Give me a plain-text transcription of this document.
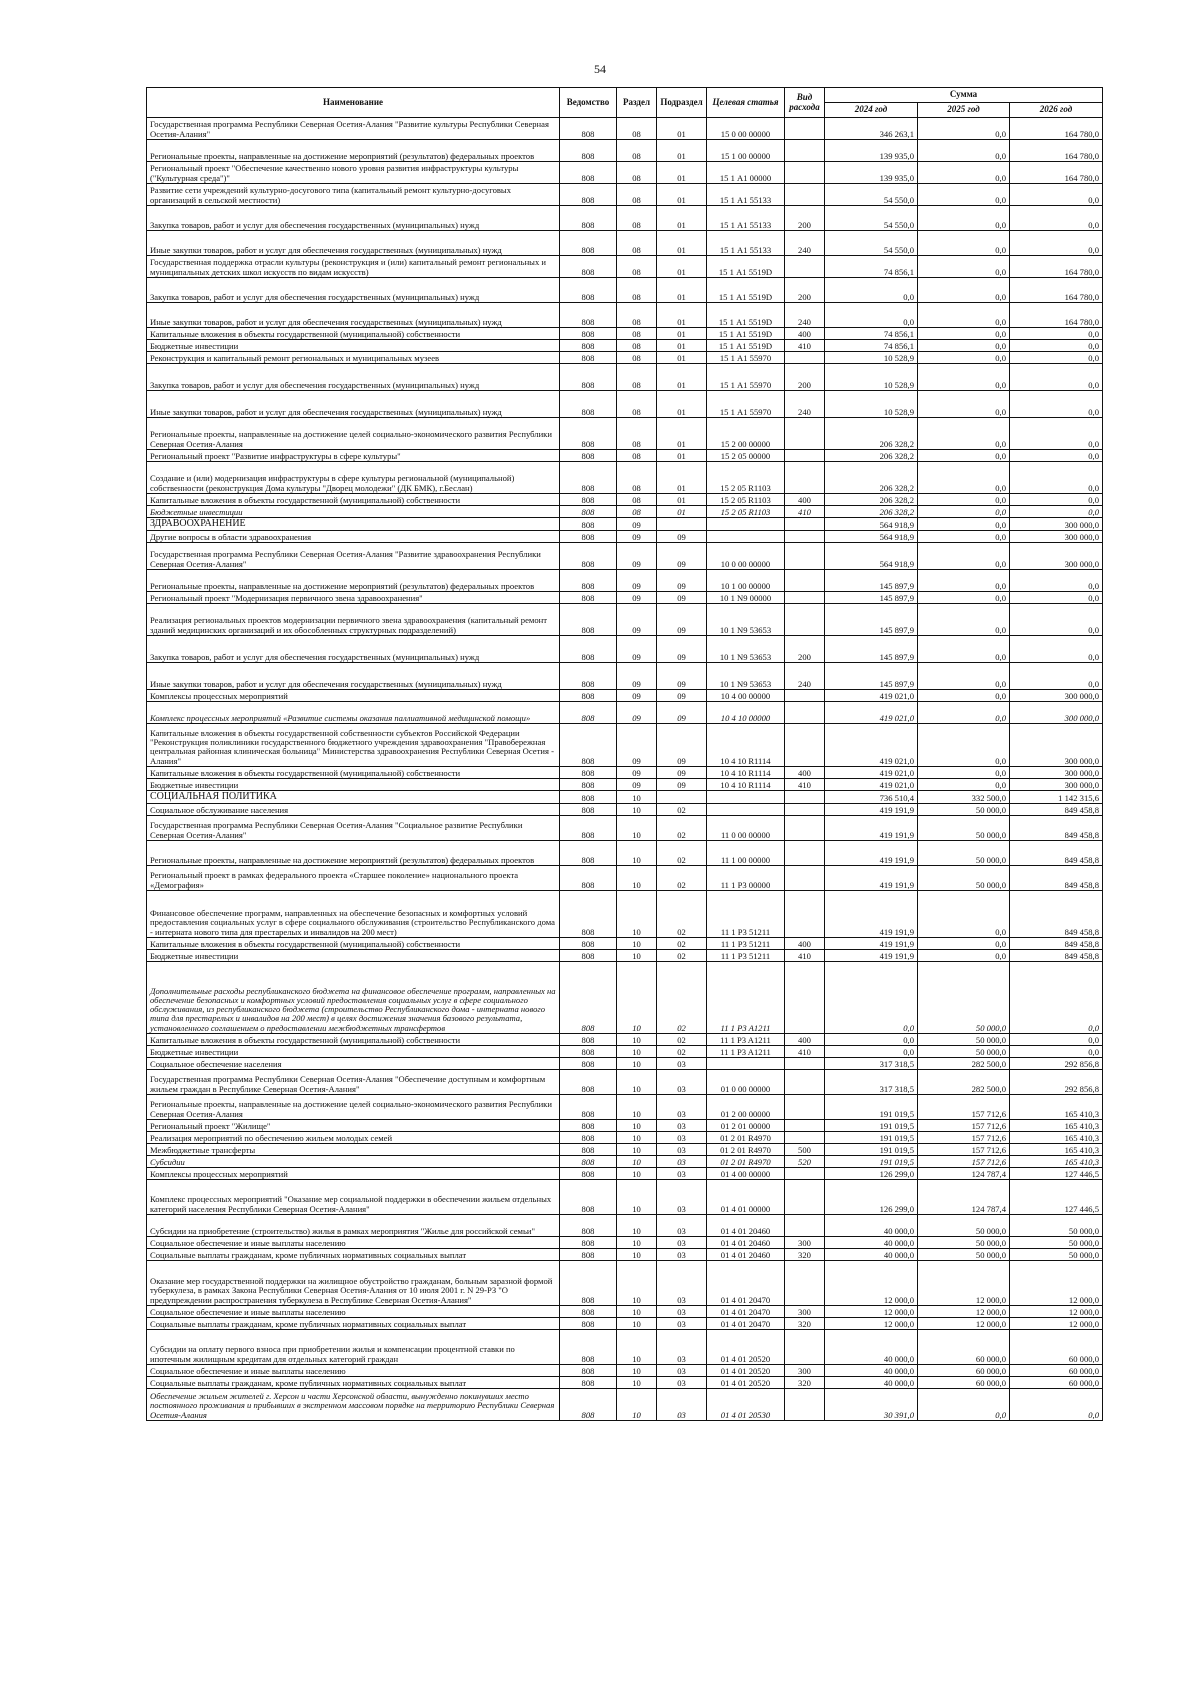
54
Наименование	Ведомство	Раздел	Подраздел	Целевая статья	Вид расхода	Сумма		
						2024 год	2025 год	2026 год
Государственная программа Республики Северная Осетия-Алания "Развитие культуры Республики Северная Осетия-Алания"	808	08	01	15 0 00 00000		346 263,1	0,0	164 780,0
Региональные проекты, направленные на достижение мероприятий (результатов) федеральных проектов	808	08	01	15 1 00 00000		139 935,0	0,0	164 780,0
Региональный проект "Обеспечение качественно нового уровня развития инфраструктуры культуры ("Культурная среда")"	808	08	01	15 1 А1 00000		139 935,0	0,0	164 780,0
Развитие сети учреждений культурно-досугового типа (капитальный ремонт культурно-досуговых организаций в сельской местности)	808	08	01	15 1 А1 55133		54 550,0	0,0	0,0
Закупка товаров, работ и услуг для обеспечения государственных (муниципальных) нужд	808	08	01	15 1 А1 55133	200	54 550,0	0,0	0,0
Иные закупки товаров, работ и услуг для обеспечения государственных (муниципальных) нужд	808	08	01	15 1 А1 55133	240	54 550,0	0,0	0,0
Государственная поддержка отрасли культуры (реконструкция и (или) капитальный ремонт региональных и муниципальных детских школ искусств по видам искусств)	808	08	01	15 1 А1 5519D		74 856,1	0,0	164 780,0
Закупка товаров, работ и услуг для обеспечения государственных (муниципальных) нужд	808	08	01	15 1 А1 5519D	200	0,0	0,0	164 780,0
Иные закупки товаров, работ и услуг для обеспечения государственных (муниципальных) нужд	808	08	01	15 1 А1 5519D	240	0,0	0,0	164 780,0
Капитальные вложения в объекты государственной (муниципальной) собственности	808	08	01	15 1 А1 5519D	400	74 856,1	0,0	0,0
Бюджетные инвестиции	808	08	01	15 1 А1 5519D	410	74 856,1	0,0	0,0
Реконструкция и капитальный ремонт региональных и муниципальных музеев	808	08	01	15 1 А1 55970		10 528,9	0,0	0,0
Закупка товаров, работ и услуг для обеспечения государственных (муниципальных) нужд	808	08	01	15 1 А1 55970	200	10 528,9	0,0	0,0
Иные закупки товаров, работ и услуг для обеспечения государственных (муниципальных) нужд	808	08	01	15 1 А1 55970	240	10 528,9	0,0	0,0
Региональные проекты, направленные на достижение целей социально-экономического развития Республики Северная Осетия-Алания	808	08	01	15 2 00 00000		206 328,2	0,0	0,0
Региональный проект "Развитие инфраструктуры в сфере культуры"	808	08	01	15 2 05 00000		206 328,2	0,0	0,0
Создание и (или) модернизация инфраструктуры в сфере культуры региональной (муниципальной) собственности (реконструкция Дома культуры "Дворец молодежи" (ДК БМК), г.Беслан)	808	08	01	15 2 05 R1103		206 328,2	0,0	0,0
Капитальные вложения в объекты государственной (муниципальной) собственности	808	08	01	15 2 05 R1103	400	206 328,2	0,0	0,0
Бюджетные инвестиции	808	08	01	15 2 05 R1103	410	206 328,2	0,0	0,0
ЗДРАВООХРАНЕНИЕ	808	09				564 918,9	0,0	300 000,0
Другие вопросы в области здравоохранения	808	09	09			564 918,9	0,0	300 000,0
Государственная программа Республики Северная Осетия-Алания "Развитие здравоохранения Республики Северная Осетия-Алания"	808	09	09	10 0 00 00000		564 918,9	0,0	300 000,0
Региональные проекты, направленные на достижение мероприятий (результатов) федеральных проектов	808	09	09	10 1 00 00000		145 897,9	0,0	0,0
Региональный проект "Модернизация первичного звена здравоохранения"	808	09	09	10 1 N9 00000		145 897,9	0,0	0,0
Реализация региональных проектов модернизации первичного звена здравоохранения (капитальный ремонт зданий медицинских организаций и их обособленных структурных подразделений)	808	09	09	10 1 N9 53653		145 897,9	0,0	0,0
Закупка товаров, работ и услуг для обеспечения государственных (муниципальных) нужд	808	09	09	10 1 N9 53653	200	145 897,9	0,0	0,0
Иные закупки товаров, работ и услуг для обеспечения государственных (муниципальных) нужд	808	09	09	10 1 N9 53653	240	145 897,9	0,0	0,0
Комплексы процессных мероприятий	808	09	09	10 4 00 00000		419 021,0	0,0	300 000,0
Комплекс процессных мероприятий «Развитие системы оказания паллиативной медицинской помощи»	808	09	09	10 4 10 00000		419 021,0	0,0	300 000,0
Капитальные вложения в объекты государственной собственности субъектов Российской Федерации "Реконструкция поликлиники государственного бюджетного учреждения здравоохранения "Правобережная центральная районная клиническая больница" Министерства здравоохранения Республики Северная Осетия - Алания"	808	09	09	10 4 10 R1114		419 021,0	0,0	300 000,0
Капитальные вложения в объекты государственной (муниципальной) собственности	808	09	09	10 4 10 R1114	400	419 021,0	0,0	300 000,0
Бюджетные инвестиции	808	09	09	10 4 10 R1114	410	419 021,0	0,0	300 000,0
СОЦИАЛЬНАЯ ПОЛИТИКА	808	10				736 510,4	332 500,0	1 142 315,6
Социальное обслуживание населения	808	10	02			419 191,9	50 000,0	849 458,8
Государственная программа Республики Северная Осетия-Алания "Социальное развитие Республики Северная Осетия-Алания"	808	10	02	11 0 00 00000		419 191,9	50 000,0	849 458,8
Региональные проекты, направленные на достижение мероприятий (результатов) федеральных проектов	808	10	02	11 1 00 00000		419 191,9	50 000,0	849 458,8
Региональный проект в рамках федерального проекта «Старшее поколение» национального проекта «Демография»	808	10	02	11 1 P3 00000		419 191,9	50 000,0	849 458,8
Финансовое обеспечение программ, направленных на обеспечение безопасных и комфортных условий предоставления социальных услуг в сфере социального обслуживания (строительство Республиканского дома - интерната нового типа для престарелых и инвалидов на 200 мест)	808	10	02	11 1 P3 51211		419 191,9	0,0	849 458,8
Капитальные вложения в объекты государственной (муниципальной) собственности	808	10	02	11 1 P3 51211	400	419 191,9	0,0	849 458,8
Бюджетные инвестиции	808	10	02	11 1 P3 51211	410	419 191,9	0,0	849 458,8
Дополнительные расходы республиканского бюджета на финансовое обеспечение программ, направленных на обеспечение безопасных и комфортных условий предоставления социальных услуг в сфере социального обслуживания, из республиканского бюджета (строительство Республиканского дома - интерната нового типа для престарелых и инвалидов на 200 мест) в целях достижения значения базового результата, установленного соглашением о предоставлении межбюджетных трансфертов	808	10	02	11 1 P3 A1211		0,0	50 000,0	0,0
Капитальные вложения в объекты государственной (муниципальной) собственности	808	10	02	11 1 P3 A1211	400	0,0	50 000,0	0,0
Бюджетные инвестиции	808	10	02	11 1 P3 A1211	410	0,0	50 000,0	0,0
Социальное обеспечение населения	808	10	03			317 318,5	282 500,0	292 856,8
Государственная программа Республики Северная Осетия-Алания "Обеспечение доступным и комфортным жильем граждан в Республике Северная Осетия-Алания"	808	10	03	01 0 00 00000		317 318,5	282 500,0	292 856,8
Региональные проекты, направленные на достижение целей социально-экономического развития Республики Северная Осетия-Алания	808	10	03	01 2 00 00000		191 019,5	157 712,6	165 410,3
Региональный проект "Жилище"	808	10	03	01 2 01 00000		191 019,5	157 712,6	165 410,3
Реализация мероприятий по обеспечению жильем молодых семей	808	10	03	01 2 01 R4970		191 019,5	157 712,6	165 410,3
Межбюджетные трансферты	808	10	03	01 2 01 R4970	500	191 019,5	157 712,6	165 410,3
Субсидии	808	10	03	01 2 01 R4970	520	191 019,5	157 712,6	165 410,3
Комплексы процессных мероприятий	808	10	03	01 4 00 00000		126 299,0	124 787,4	127 446,5
Комплекс процессных мероприятий "Оказание мер социальной поддержки в обеспечении жильем отдельных категорий населения Республики Северная Осетия-Алания"	808	10	03	01 4 01 00000		126 299,0	124 787,4	127 446,5
Субсидии на приобретение (строительство) жилья в рамках мероприятия "Жилье для российской семьи"	808	10	03	01 4 01 20460		40 000,0	50 000,0	50 000,0
Социальное обеспечение и иные выплаты населению	808	10	03	01 4 01 20460	300	40 000,0	50 000,0	50 000,0
Социальные выплаты гражданам, кроме публичных нормативных социальных выплат	808	10	03	01 4 01 20460	320	40 000,0	50 000,0	50 000,0
Оказание мер государственной поддержки на жилищное обустройство гражданам, больным заразной формой туберкулеза, в рамках Закона Республики Северная Осетия-Алания от 10 июля 2001 г. N 29-РЗ "О предупреждении распространения туберкулеза в Республике Северная Осетия-Алания"	808	10	03	01 4 01 20470		12 000,0	12 000,0	12 000,0
Социальное обеспечение и иные выплаты населению	808	10	03	01 4 01 20470	300	12 000,0	12 000,0	12 000,0
Социальные выплаты гражданам, кроме публичных нормативных социальных выплат	808	10	03	01 4 01 20470	320	12 000,0	12 000,0	12 000,0
Субсидии на оплату первого взноса при приобретении жилья и компенсации процентной ставки по ипотечным жилищным кредитам для отдельных категорий граждан	808	10	03	01 4 01 20520		40 000,0	60 000,0	60 000,0
Социальное обеспечение и иные выплаты населению	808	10	03	01 4 01 20520	300	40 000,0	60 000,0	60 000,0
Социальные выплаты гражданам, кроме публичных нормативных социальных выплат	808	10	03	01 4 01 20520	320	40 000,0	60 000,0	60 000,0
Обеспечение жильем жителей г. Херсон и части Херсонской области, вынужденно покинувших место постоянного проживания и прибывших в экстренном массовом порядке на территорию Республики Северная Осетия-Алания	808	10	03	01 4 01 20530		30 391,0	0,0	0,0
